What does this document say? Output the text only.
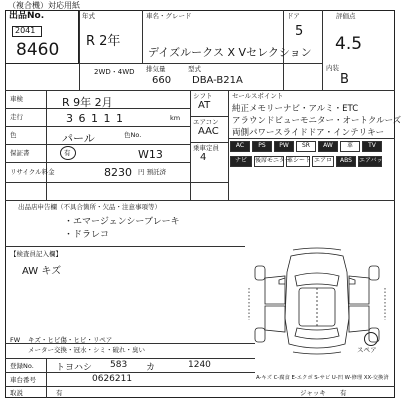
（複合機）対応用紙
出品No.
2041
8460
年式
R 2年
車名・グレード
デイズルークス X Vセレクション
ドア
5
評価点
4.5
2WD・4WD 排気量
660
型式
DBA-B21A
内装
B
車検	R 9年 2月
走行	3 6 1 1 1	km
色	パール	色No.
保証書	有	W13
リサイクル料金	8230 円 預託済
シフト
AT
エアコン
AAC
乗車定員
4
セールスポイント
純正メモリーナビ・アルミ・ETC
アラウンドビューモニター・オートクルーズ
両側パワースライドドア・インテリキー
AC	PS	PW	SR	AW	革	TV
ナビ	後席モニター
革シート エアロ	ABS	エアバッグ
出品店申告欄（不具合箇所・欠品・注意事項等）
・エマージェンシーブレーキ
・ドラレコ
【検査員記入欄】
AW キズ
スペア
FW キズ・ヒビ傷・ヒビ・リペア
メーター交換・冠水・シミ・破れ・臭い
登録No. トヨハシ 583 カ	1240
車台番号	0626211	A-キズ C-腐食 E-エクボ S-サビ U-凹 W-修理 XX-交換済
取説	有	ジャッキ 有
